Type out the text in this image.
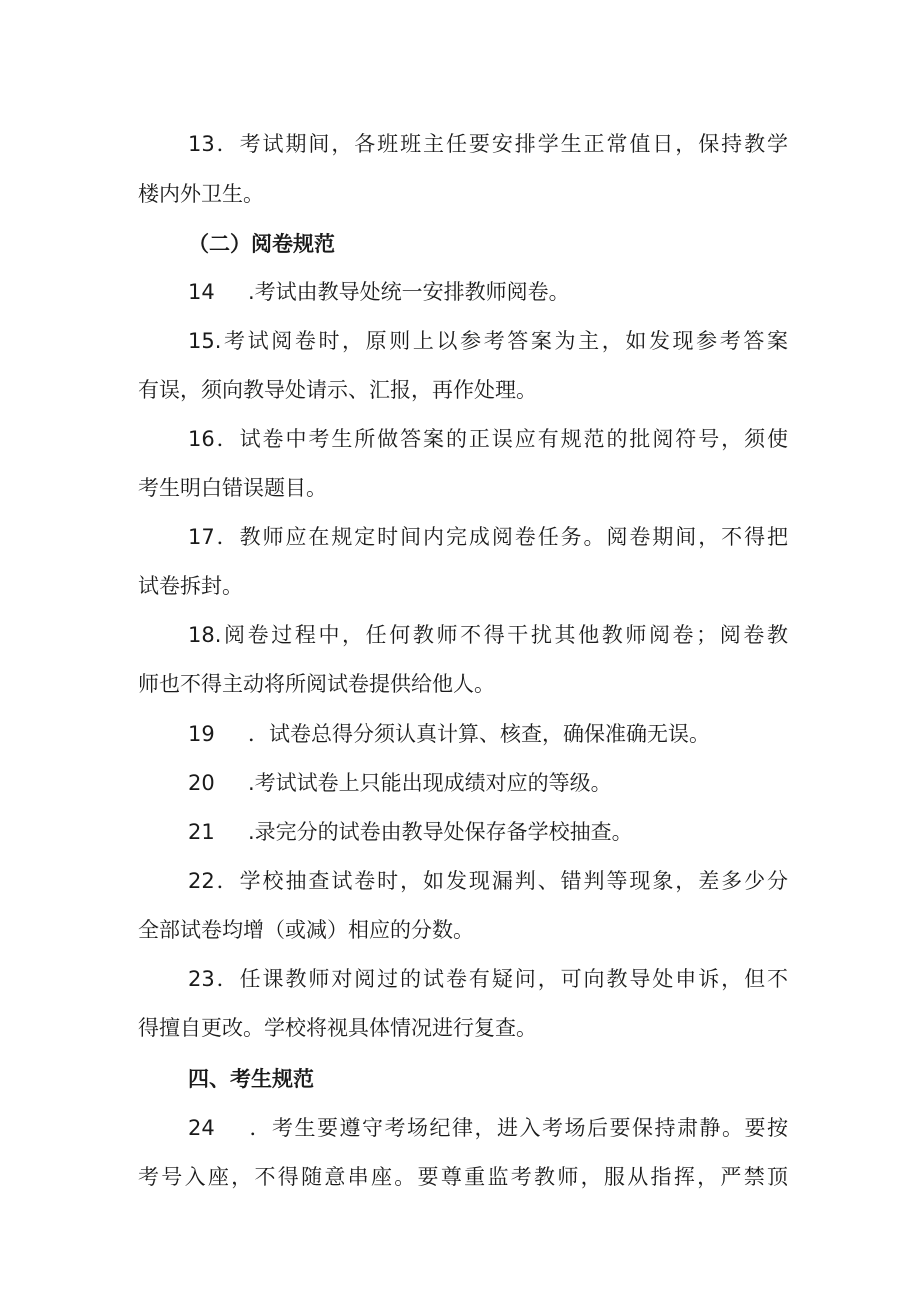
13．考试期间，各班班主任要安排学生正常值日，保持教学
楼内外卫生。
（二）阅卷规范
14 .考试由教导处统一安排教师阅卷。
15.考试阅卷时，原则上以参考答案为主，如发现参考答案
有误，须向教导处请示、汇报，再作处理。
16．试卷中考生所做答案的正误应有规范的批阅符号，须使
考生明白错误题目。
17．教师应在规定时间内完成阅卷任务。阅卷期间，不得把
试卷拆封。
18.阅卷过程中，任何教师不得干扰其他教师阅卷；阅卷教
师也不得主动将所阅试卷提供给他人。
19 ．试卷总得分须认真计算、核查，确保准确无误。
20 .考试试卷上只能出现成绩对应的等级。
21 .录完分的试卷由教导处保存备学校抽查。
22．学校抽查试卷时，如发现漏判、错判等现象，差多少分
全部试卷均增（或减）相应的分数。
23．任课教师对阅过的试卷有疑问，可向教导处申诉，但不
得擅自更改。学校将视具体情况进行复查。
四、考生规范
24 ．考生要遵守考场纪律，进入考场后要保持肃静。要按
考号入座，不得随意串座。要尊重监考教师，服从指挥，严禁顶
